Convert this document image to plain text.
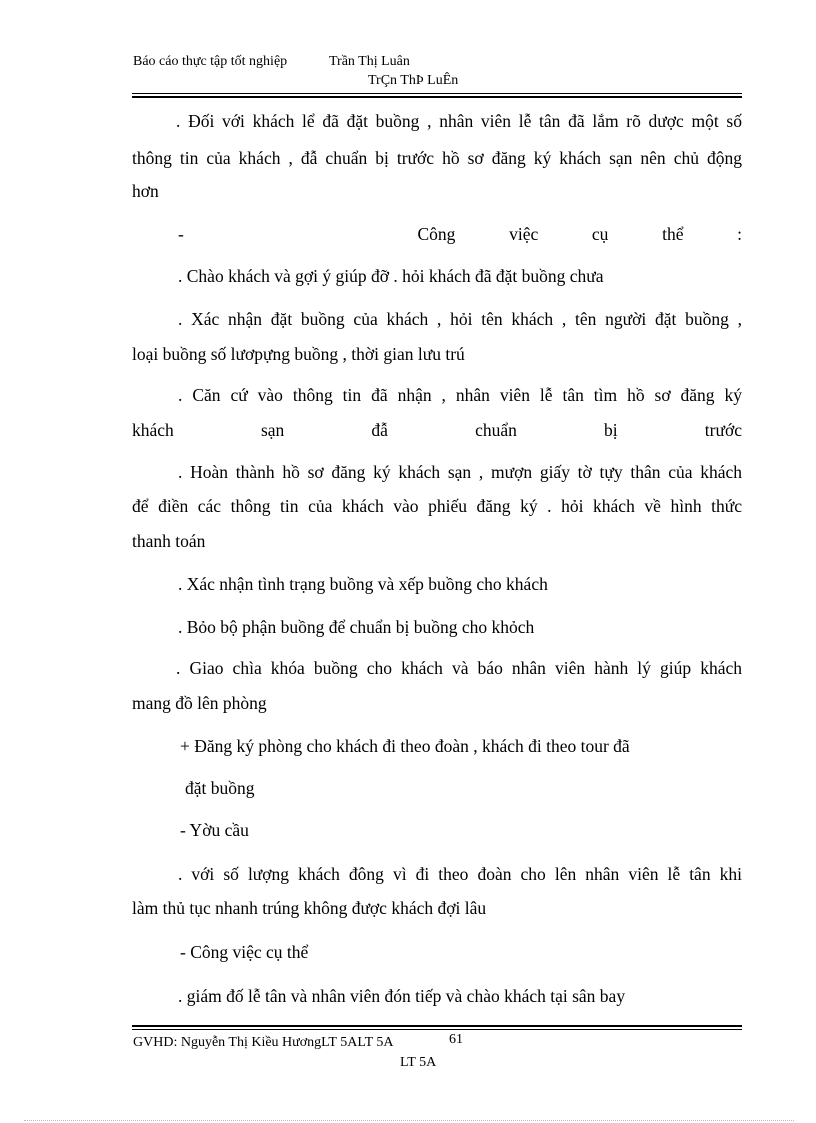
Báo cáo thực tập tốt nghiệp	Trần Thị Luân
TrÇn ThÞ LuÊn
. Đối với khách lể đã đặt buồng , nhân viên lễ tân đã lắm rõ dược một số
thông tin của khách , đẫ chuẩn bị trước hồ sơ đăng ký khách sạn nên chủ động
hơn
-	Công	việc	cụ	thể	:
. Chào khách và gợi ý giúp đỡ . hỏi khách đã đặt buồng chưa
. Xác nhận đặt buồng của khách , hỏi tên khách , tên người đặt buồng ,
loại buồng số lươpựng buồng , thời gian lưu trú
. Căn cứ vào thông tin đã nhận , nhân viên lễ tân tìm hồ sơ đăng ký
khách	sạn	đẫ	chuẩn	bị	trước
. Hoàn thành hồ sơ đăng ký khách sạn , mượn giấy tờ tựy thân của khách
để điền các thông tin của khách vào phiếu đăng ký . hỏi khách về hình thức
thanh toán
. Xác nhận tình trạng buồng và xếp buồng cho khách
. Bỏo bộ phận buồng để chuẩn bị buồng cho khỏch
. Giao chìa khóa buồng cho khách và báo nhân viên hành lý giúp khách
mang đồ lên phòng
+ Đăng ký phòng cho khách đi theo đoàn , khách đi theo tour đã
đặt buồng
- Yờu cầu
. với số lượng khách đông vì đi theo đoàn cho lên nhân viên lễ tân khi
làm thủ tục nhanh trúng không được khách đợi lâu
- Công việc cụ thể
. giám đố lễ tân và nhân viên đón tiếp và chào khách tại sân bay
GVHD: Nguyễn Thị Kiều HươngLT 5ALT 5A	61
LT 5A
